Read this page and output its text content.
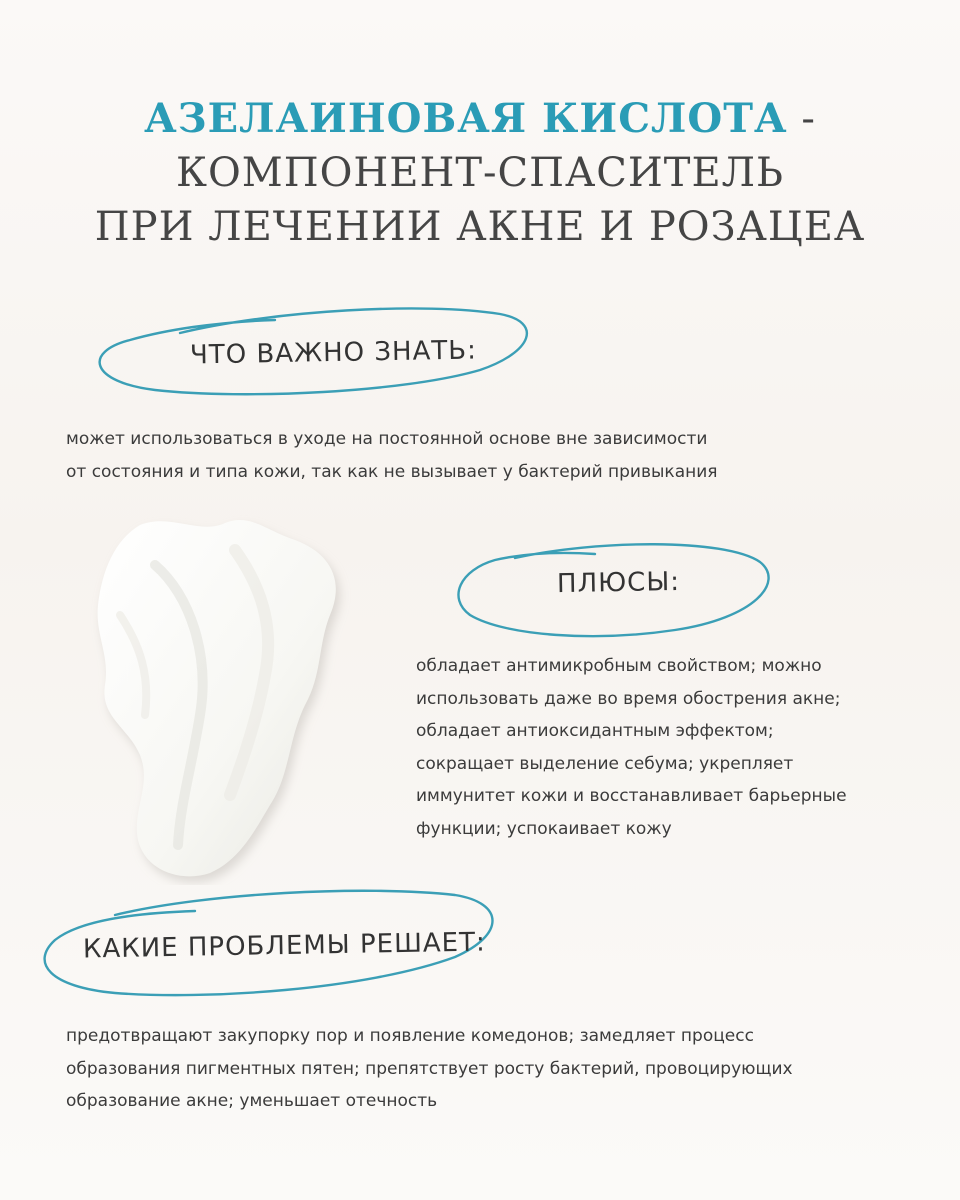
АЗЕЛАИНОВАЯ КИСЛОТА -
КОМПОНЕНТ-СПАСИТЕЛЬ
ПРИ ЛЕЧЕНИИ АКНЕ И РОЗАЦЕА
ЧТО ВАЖНО ЗНАТЬ:

может использоваться в уходе на постоянной основе вне зависимости

от состояния и типа кожи, так как не вызывает у бактерий привыкания

ПЛЮСЫ:

обладает антимикробным свойством; можно

использовать даже во время обострения акне;

обладает антиоксидантным эффектом;

сокращает выделение себума; укрепляет

иммунитет кожи и восстанавливает барьерные

функции; успокаивает кожу

КАКИЕ ПРОБЛЕМЫ РЕШАЕТ:

предотвращают закупорку пор и появление комедонов; замедляет процесс

образования пигментных пятен; препятствует росту бактерий, провоцирующих

образование акне; уменьшает отечность
